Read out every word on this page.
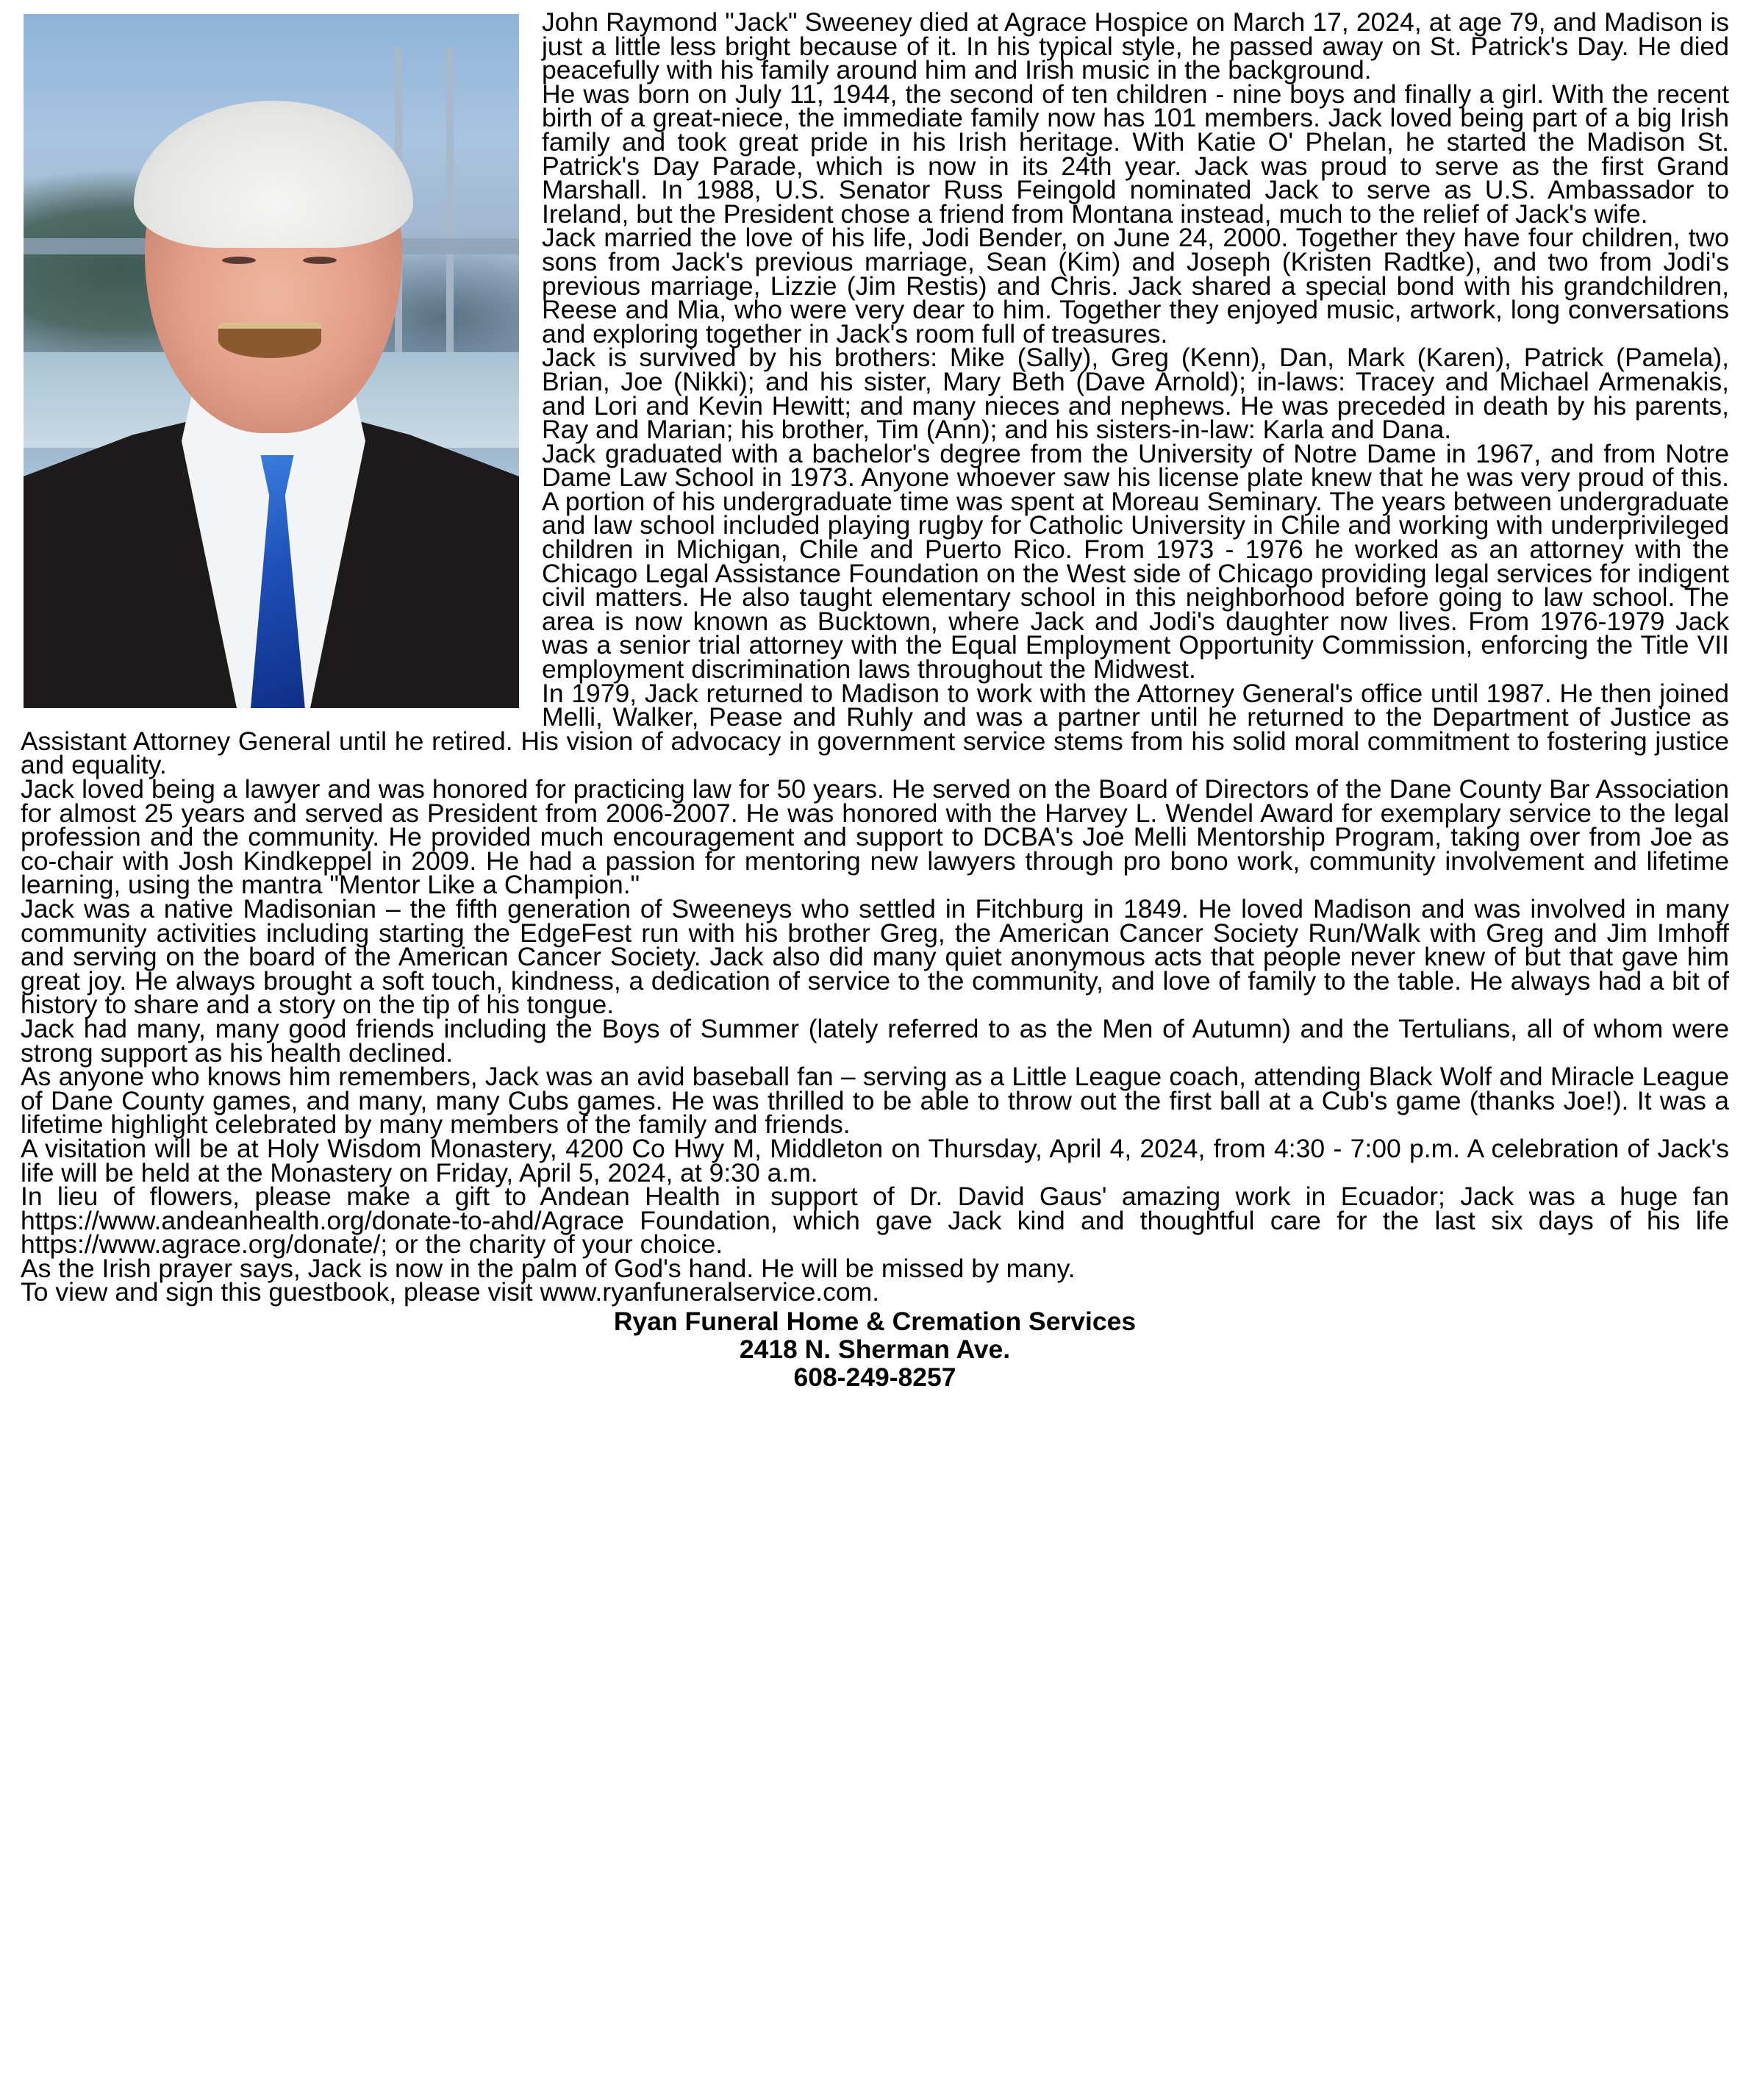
John Raymond "Jack" Sweeney died at Agrace Hospice on March 17, 2024, at age 79, and Madison is just a little less bright because of it. In his typical style, he passed away on St. Patrick's Day. He died peacefully with his family around him and Irish music in the background.

He was born on July 11, 1944, the second of ten children - nine boys and finally a girl. With the recent birth of a great-niece, the immediate family now has 101 members. Jack loved being part of a big Irish family and took great pride in his Irish heritage. With Katie O' Phelan, he started the Madison St. Patrick's Day Parade, which is now in its 24th year. Jack was proud to serve as the first Grand Marshall. In 1988, U.S. Senator Russ Feingold nominated Jack to serve as U.S. Ambassador to Ireland, but the President chose a friend from Montana instead, much to the relief of Jack's wife.

Jack married the love of his life, Jodi Bender, on June 24, 2000. Together they have four children, two sons from Jack's previous marriage, Sean (Kim) and Joseph (Kristen Radtke), and two from Jodi's previous marriage, Lizzie (Jim Restis) and Chris. Jack shared a special bond with his grandchildren, Reese and Mia, who were very dear to him. Together they enjoyed music, artwork, long conversations and exploring together in Jack's room full of treasures.

Jack is survived by his brothers: Mike (Sally), Greg (Kenn), Dan, Mark (Karen), Patrick (Pamela), Brian, Joe (Nikki); and his sister, Mary Beth (Dave Arnold); in-laws: Tracey and Michael Armenakis, and Lori and Kevin Hewitt; and many nieces and nephews. He was preceded in death by his parents, Ray and Marian; his brother, Tim (Ann); and his sisters-in-law: Karla and Dana.

Jack graduated with a bachelor's degree from the University of Notre Dame in 1967, and from Notre Dame Law School in 1973. Anyone whoever saw his license plate knew that he was very proud of this. A portion of his undergraduate time was spent at Moreau Seminary. The years between undergraduate and law school included playing rugby for Catholic University in Chile and working with underprivileged children in Michigan, Chile and Puerto Rico. From 1973 - 1976 he worked as an attorney with the Chicago Legal Assistance Foundation on the West side of Chicago providing legal services for indigent civil matters. He also taught elementary school in this neighborhood before going to law school. The area is now known as Bucktown, where Jack and Jodi's daughter now lives. From 1976-1979 Jack was a senior trial attorney with the Equal Employment Opportunity Commission, enforcing the Title VII employment discrimination laws throughout the Midwest.

In 1979, Jack returned to Madison to work with the Attorney General's office until 1987. He then joined Melli, Walker, Pease and Ruhly and was a partner until he returned to the Department of Justice as Assistant Attorney General until he retired. His vision of advocacy in government service stems from his solid moral commitment to fostering justice and equality.

Jack loved being a lawyer and was honored for practicing law for 50 years. He served on the Board of Directors of the Dane County Bar Association for almost 25 years and served as President from 2006-2007. He was honored with the Harvey L. Wendel Award for exemplary service to the legal profession and the community. He provided much encouragement and support to DCBA's Joe Melli Mentorship Program, taking over from Joe as co-chair with Josh Kindkeppel in 2009. He had a passion for mentoring new lawyers through pro bono work, community involvement and lifetime learning, using the mantra "Mentor Like a Champion."

Jack was a native Madisonian – the fifth generation of Sweeneys who settled in Fitchburg in 1849. He loved Madison and was involved in many community activities including starting the EdgeFest run with his brother Greg, the American Cancer Society Run/Walk with Greg and Jim Imhoff and serving on the board of the American Cancer Society. Jack also did many quiet anonymous acts that people never knew of but that gave him great joy. He always brought a soft touch, kindness, a dedication of service to the community, and love of family to the table. He always had a bit of history to share and a story on the tip of his tongue.

Jack had many, many good friends including the Boys of Summer (lately referred to as the Men of Autumn) and the Tertulians, all of whom were strong support as his health declined.

As anyone who knows him remembers, Jack was an avid baseball fan – serving as a Little League coach, attending Black Wolf and Miracle League of Dane County games, and many, many Cubs games. He was thrilled to be able to throw out the first ball at a Cub's game (thanks Joe!). It was a lifetime highlight celebrated by many members of the family and friends.

A visitation will be at Holy Wisdom Monastery, 4200 Co Hwy M, Middleton on Thursday, April 4, 2024, from 4:30 - 7:00 p.m. A celebration of Jack's life will be held at the Monastery on Friday, April 5, 2024, at 9:30 a.m.

In lieu of flowers, please make a gift to Andean Health in support of Dr. David Gaus' amazing work in Ecuador; Jack was a huge fan https://www.andeanhealth.org/donate-to-ahd/Agrace Foundation, which gave Jack kind and thoughtful care for the last six days of his life https://www.agrace.org/donate/; or the charity of your choice.

As the Irish prayer says, Jack is now in the palm of God's hand. He will be missed by many.

To view and sign this guestbook, please visit www.ryanfuneralservice.com.

Ryan Funeral Home & Cremation Services
2418 N. Sherman Ave.
608-249-8257
